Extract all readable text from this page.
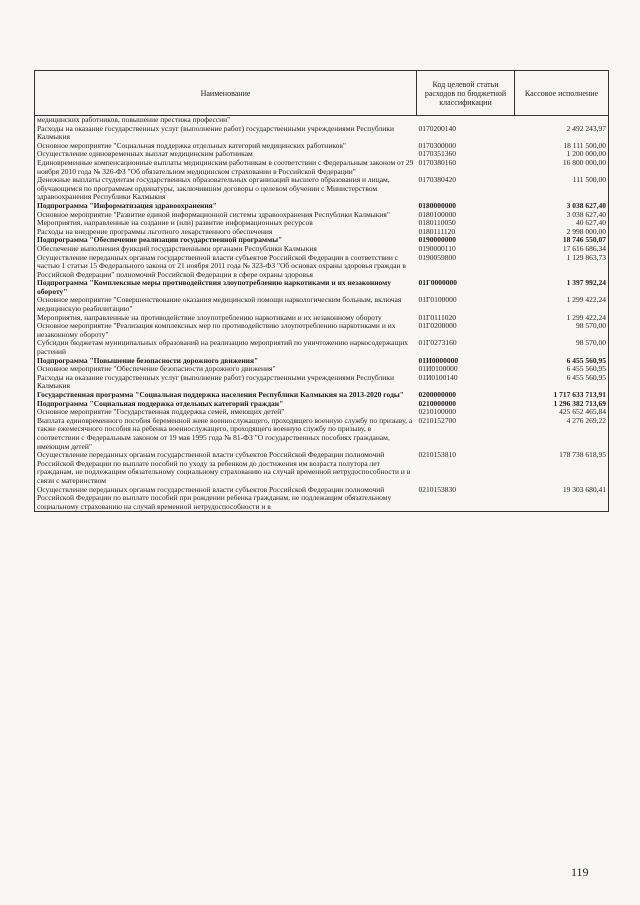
Наименование	Код целевой статьи расходов по бюджетной классификации	Кассовое исполнение
медицинских работников, повышение престижа профессии"		
Расходы на оказание государственных услуг (выполнение работ) государственными учреждениями Республики Калмыкия	0170200140	2 492 243,97
Основное мероприятие "Социальная поддержка отдельных категорий медицинских работников"	0170300000	18 111 500,00
Осуществление единовременных выплат медицинским работникам	0170351360	1 200 000,00
Единовременные компенсационные выплаты медицинским работникам в соответствии с Федеральным законом от 29 ноября 2010 года № 326-ФЗ "Об обязательном медицинском страховании в Российской Федерации"	0170380160	16 800 000,00
Денежные выплаты студентам государственных образовательных организаций высшего образования и лицам, обучающимся по программам ординатуры, заключившим договоры о целевом обучении с Министерством здравоохранения Республики Калмыкия	0170380420	111 500,00
Подпрограмма "Информатизация здравоохранения"	0180000000	3 038 627,40
Основное мероприятие "Развитие единой информационной системы здравоохранения Республики Калмыкия"	0180100000	3 038 627,40
Мероприятия, направленные на создание и (или) развитие информационных ресурсов	0180110050	40 627,40
Расходы на внедрение программы льготного лекарственного обеспечения	0180111120	2 998 000,00
Подпрограмма "Обеспечение реализации государственной программы"	0190000000	18 746 550,07
Обеспечение выполнения функций государственными органами Республики Калмыкия	0190000110	17 616 686,34
Осуществление переданных органам государственной власти субъектов Российской Федерации в соответствии с частью 1 статьи 15 Федерального закона от 21 ноября 2011 года № 323-ФЗ "Об основах охраны здоровья граждан в Российской Федерации" полномочий Российской Федерации в сфере охраны здоровья	0190059800	1 129 863,73
Подпрограмма "Комплексные меры противодействия злоупотреблению наркотиками и их незаконному обороту"	01Г0000000	1 397 992,24
Основное мероприятие "Совершенствование оказания медицинской помощи наркологическим больным, включая медицинскую реабилитацию"	01Г0100000	1 299 422,24
Мероприятия, направленные на противодействие злоупотреблению наркотиками и их незаконному обороту	01Г0111020	1 299 422,24
Основное мероприятие "Реализация комплексных мер по противодействию злоупотреблению наркотиками и их незаконному обороту"	01Г0200000	98 570,00
Субсидии бюджетам муниципальных образований на реализацию мероприятий по уничтожению наркосодержащих растений	01Г0273160	98 570,00
Подпрограмма "Повышение безопасности дорожного движения"	01И0000000	6 455 560,95
Основное мероприятие "Обеспечение безопасности дорожного движения"	01И0100000	6 455 560,95
Расходы на оказание государственных услуг (выполнение работ) государственными учреждениями Республики Калмыкия	01И0100140	6 455 560,95
Государственная программа "Социальная поддержка населения Республики Калмыкия на 2013-2020 годы"	0200000000	1 717 633 713,91
Подпрограмма "Социальная поддержка отдельных категорий граждан"	0210000000	1 296 382 713,69
Основное мероприятие "Государственная поддержка семей, имеющих детей"	0210100000	425 652 465,84
Выплата единовременного пособия беременной жене военнослужащего, проходящего военную службу по призыву, а также ежемесячного пособия на ребенка военнослужащего, проходящего военную службу по призыву, в соответствии с Федеральным законом от 19 мая 1995 года № 81-ФЗ "О государственных пособиях гражданам, имеющим детей"	0210152700	4 276 269,22
Осуществление переданных органам государственной власти субъектов Российской Федерации полномочий Российской Федерации по выплате пособий по уходу за ребенком до достижения им возраста полутора лет гражданам, не подлежащим обязательному социальному страхованию на случай временной нетрудоспособности и в связи с материнством	0210153810	178 738 618,95
Осуществление переданных органам государственной власти субъектов Российской Федерации полномочий Российской Федерации по выплате пособий при рождении ребенка гражданам, не подлежащим обязательному социальному страхованию на случай временной нетрудоспособности и в	0210153830	19 303 680,41
119
